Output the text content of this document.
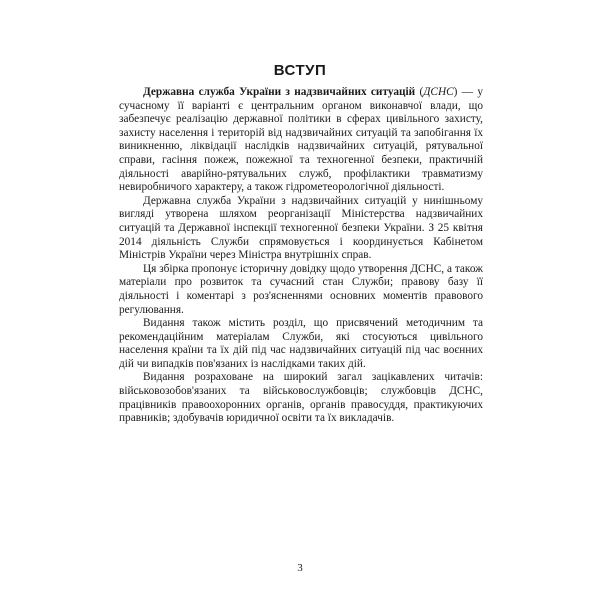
ВСТУП

Державна служба України з надзвичайних ситуацій (ДСНС) — у сучасному її варіанті є центральним органом виконавчої влади, що забезпечує реалізацію державної політики в сферах цивільного захисту, захисту населення і територій від надзвичайних ситуацій та запобігання їх виникненню, ліквідації наслідків надзвичайних ситуацій, рятувальної справи, гасіння пожеж, пожежної та техногенної безпеки, практичній діяльності аварійно-рятувальних служб, профілактики травматизму невиробничого характеру, а також гідрометеорологічної діяльності.

Державна служба України з надзвичайних ситуацій у нинішньому вигляді утворена шляхом реорганізації Міністерства надзвичайних ситуацій та Державної інспекції техногенної безпеки України. З 25 квітня 2014 діяльність Служби спрямовується і координується Кабінетом Міністрів України через Міністра внутрішніх справ.

Ця збірка пропонує історичну довідку щодо утворення ДСНС, а також матеріали про розвиток та сучасний стан Служби; правову базу її діяльності і коментарі з роз'ясненнями основних моментів правового регулювання.

Видання також містить розділ, що присвячений методичним та рекомендаційним матеріалам Служби, які стосуються цивільного населення країни та їх дій під час надзвичайних ситуацій під час воєнних дій чи випадків пов'язаних із наслідками таких дій.

Видання розраховане на широкий загал зацікавлених читачів: військовозобов'язаних та військовослужбовців; службовців ДСНС, працівників правоохоронних органів, органів правосуддя, практикуючих правників; здобувачів юридичної освіти та їх викладачів.

3
